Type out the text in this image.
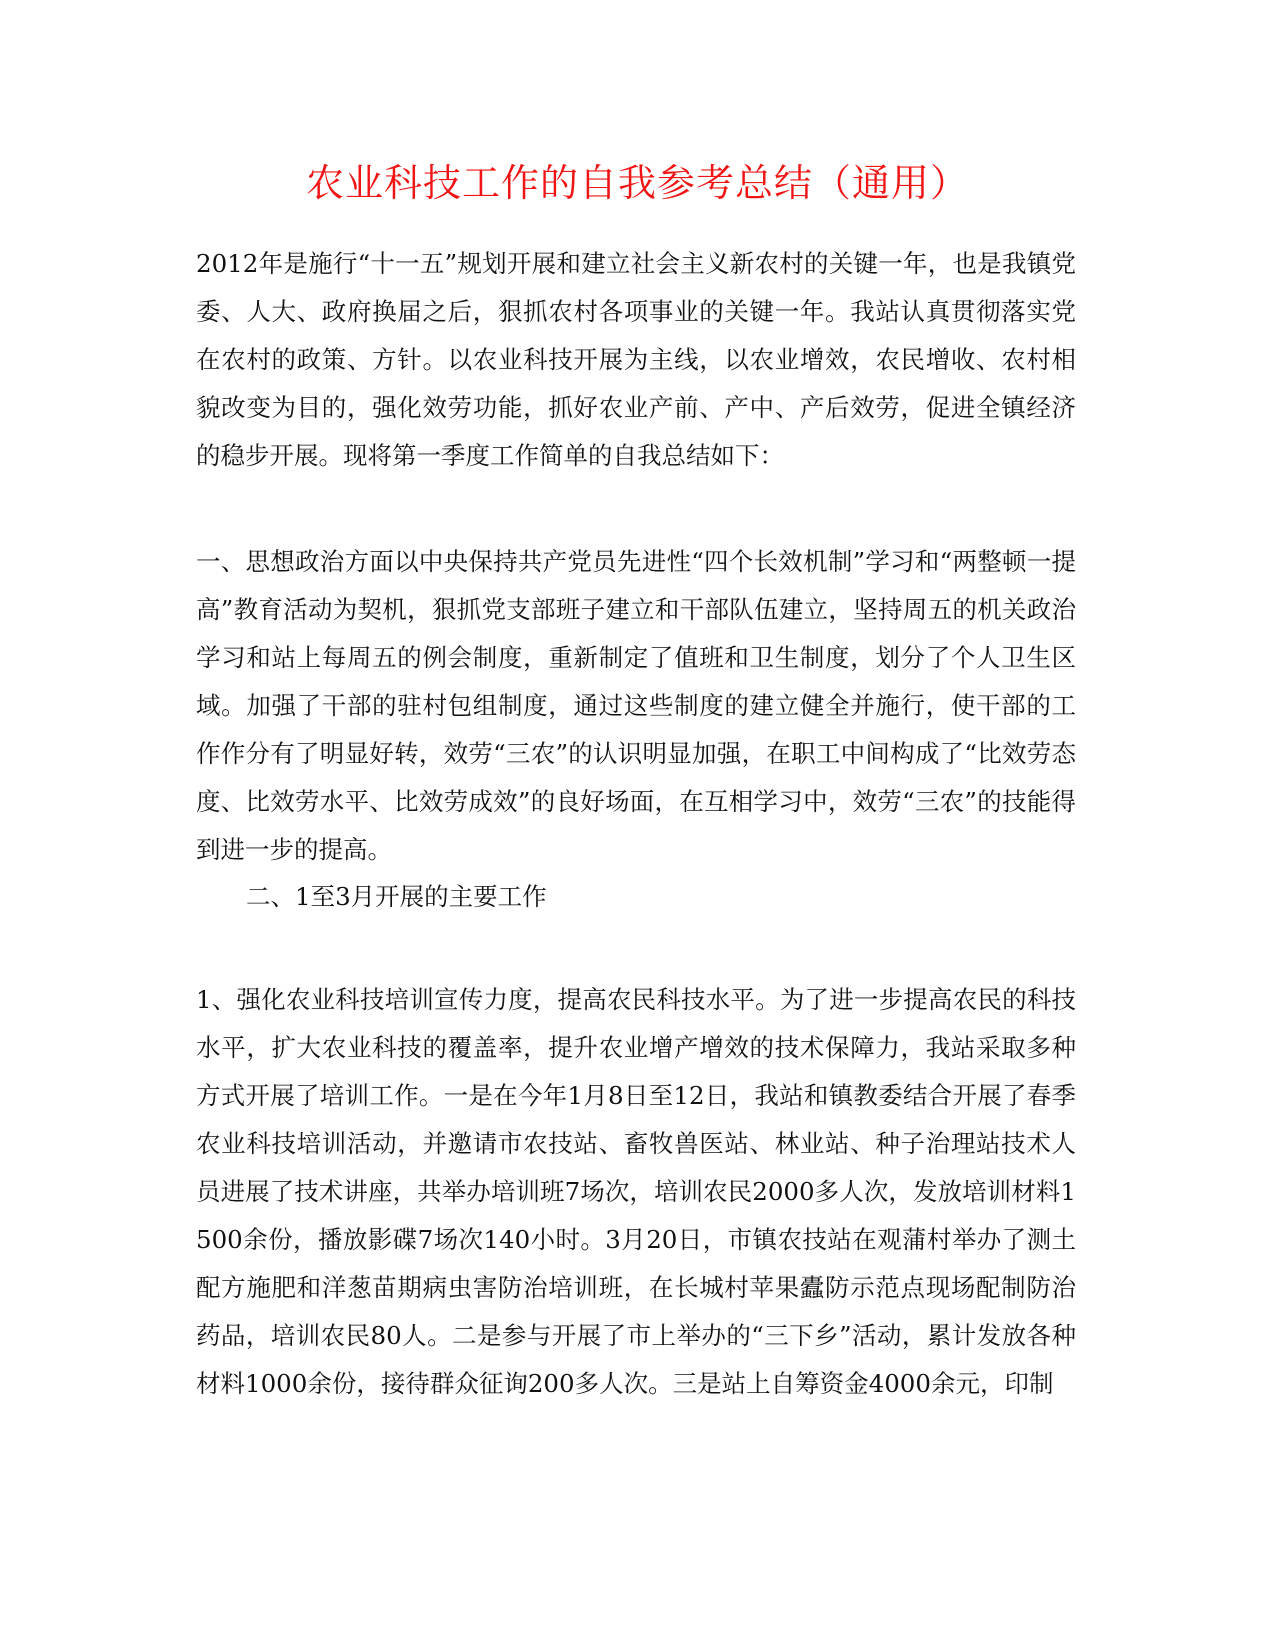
农业科技工作的自我参考总结（通用）

2012年是施行“十一五”规划开展和建立社会主义新农村的关键一年，也是我镇党委、人大、政府换届之后，狠抓农村各项事业的关键一年。我站认真贯彻落实党在农村的政策、方针。以农业科技开展为主线，以农业增效，农民增收、农村相貌改变为目的，强化效劳功能，抓好农业产前、产中、产后效劳，促进全镇经济的稳步开展。现将第一季度工作简单的自我总结如下：

一、思想政治方面以中央保持共产党员先进性“四个长效机制”学习和“两整顿一提高”教育活动为契机，狠抓党支部班子建立和干部队伍建立，坚持周五的机关政治学习和站上每周五的例会制度，重新制定了值班和卫生制度，划分了个人卫生区域。加强了干部的驻村包组制度，通过这些制度的建立健全并施行，使干部的工作作分有了明显好转，效劳“三农”的认识明显加强，在职工中间构成了“比效劳态度、比效劳水平、比效劳成效”的良好场面，在互相学习中，效劳“三农”的技能得到进一步的提高。

二、1至3月开展的主要工作

1、强化农业科技培训宣传力度，提高农民科技水平。为了进一步提高农民的科技水平，扩大农业科技的覆盖率，提升农业增产增效的技术保障力，我站采取多种方式开展了培训工作。一是在今年1月8日至12日，我站和镇教委结合开展了春季农业科技培训活动，并邀请市农技站、畜牧兽医站、林业站、种子治理站技术人员进展了技术讲座，共举办培训班7场次，培训农民2000多人次，发放培训材料1500余份，播放影碟7场次140小时。3月20日，市镇农技站在观蒲村举办了测土配方施肥和洋葱苗期病虫害防治培训班，在长城村苹果蠹防示范点现场配制防治药品，培训农民80人。二是参与开展了市上举办的“三下乡”活动，累计发放各种材料1000余份，接待群众征询200多人次。三是站上自筹资金4000余元，印制
